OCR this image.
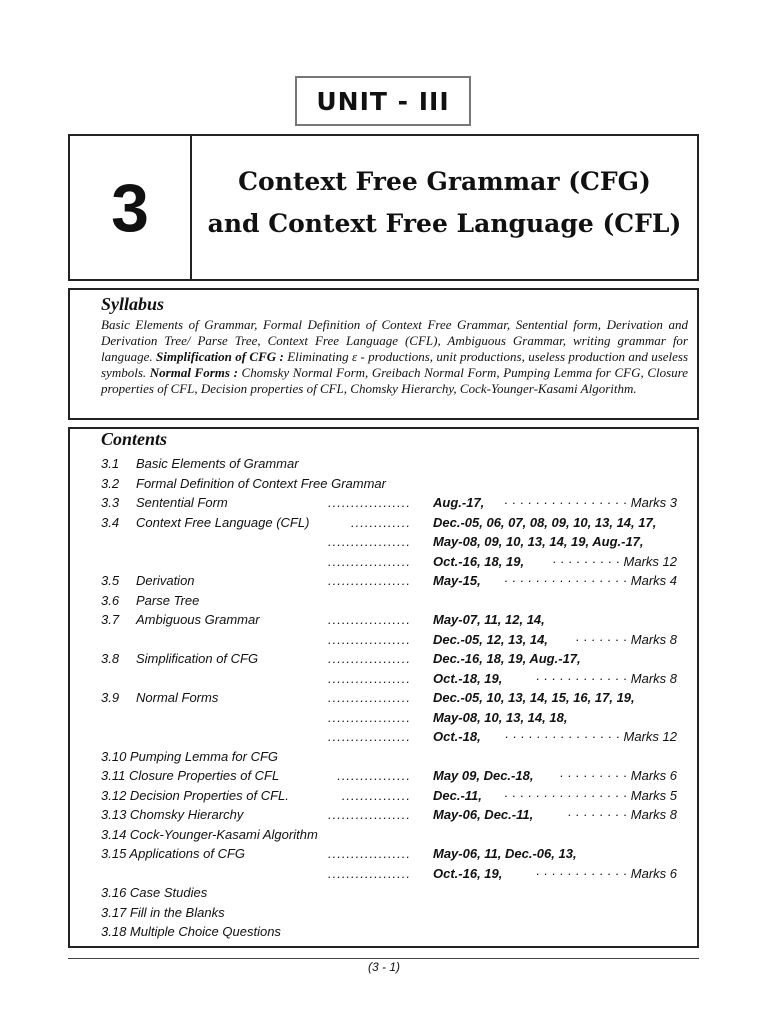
UNIT - III
3	Context Free Grammar (CFG)
and Context Free Language (CFL)
Syllabus
Basic Elements of Grammar, Formal Definition of Context Free Grammar, Sentential form, Derivation and Derivation Tree/ Parse Tree, Context Free Language (CFL), Ambiguous Grammar, writing grammar for language. Simplification of CFG : Eliminating ε - productions, unit productions, useless production and useless symbols. Normal Forms : Chomsky Normal Form, Greibach Normal Form, Pumping Lemma for CFG, Closure properties of CFL, Decision properties of CFL, Chomsky Hierarchy, Cock-Younger-Kasami Algorithm.
Contents
3.1 Basic Elements of Grammar
3.2 Formal Definition of Context Free Grammar
3.3 Sentential Form	.................. Aug.-17, · · · · · · · · · · · · · · · · Marks 3
3.4 Context Free Language (CFL)	............. Dec.-05, 06, 07, 08, 09, 10, 13, 14, 17,
.................. May-08, 09, 10, 13, 14, 19, Aug.-17,
.................. Oct.-16, 18, 19, · · · · · · · · · Marks 12
3.5 Derivation	.................. May-15, · · · · · · · · · · · · · · · · Marks 4
3.6 Parse Tree
3.7 Ambiguous Grammar	.................. May-07, 11, 12, 14,
.................. Dec.-05, 12, 13, 14, · · · · · · · Marks 8
3.8 Simplification of CFG	.................. Dec.-16, 18, 19, Aug.-17,
.................. Oct.-18, 19,	· · · · · · · · · · · · Marks 8
3.9 Normal Forms	.................. Dec.-05, 10, 13, 14, 15, 16, 17, 19,
.................. May-08, 10, 13, 14, 18,
.................. Oct.-18, · · · · · · · · · · · · · · · Marks 12
3.10 Pumping Lemma for CFG
3.11 Closure Properties of CFL	................ May 09, Dec.-18, · · · · · · · · · Marks 6
3.12 Decision Properties of CFL.	............... Dec.-11, · · · · · · · · · · · · · · · · Marks 5
3.13 Chomsky Hierarchy	.................. May-06, Dec.-11,	· · · · · · · · Marks 8
3.14 Cock-Younger-Kasami Algorithm
3.15 Applications of CFG	.................. May-06, 11, Dec.-06, 13,
.................. Oct.-16, 19,	· · · · · · · · · · · · Marks 6
3.16 Case Studies
3.17 Fill in the Blanks
3.18 Multiple Choice Questions
(3 - 1)
